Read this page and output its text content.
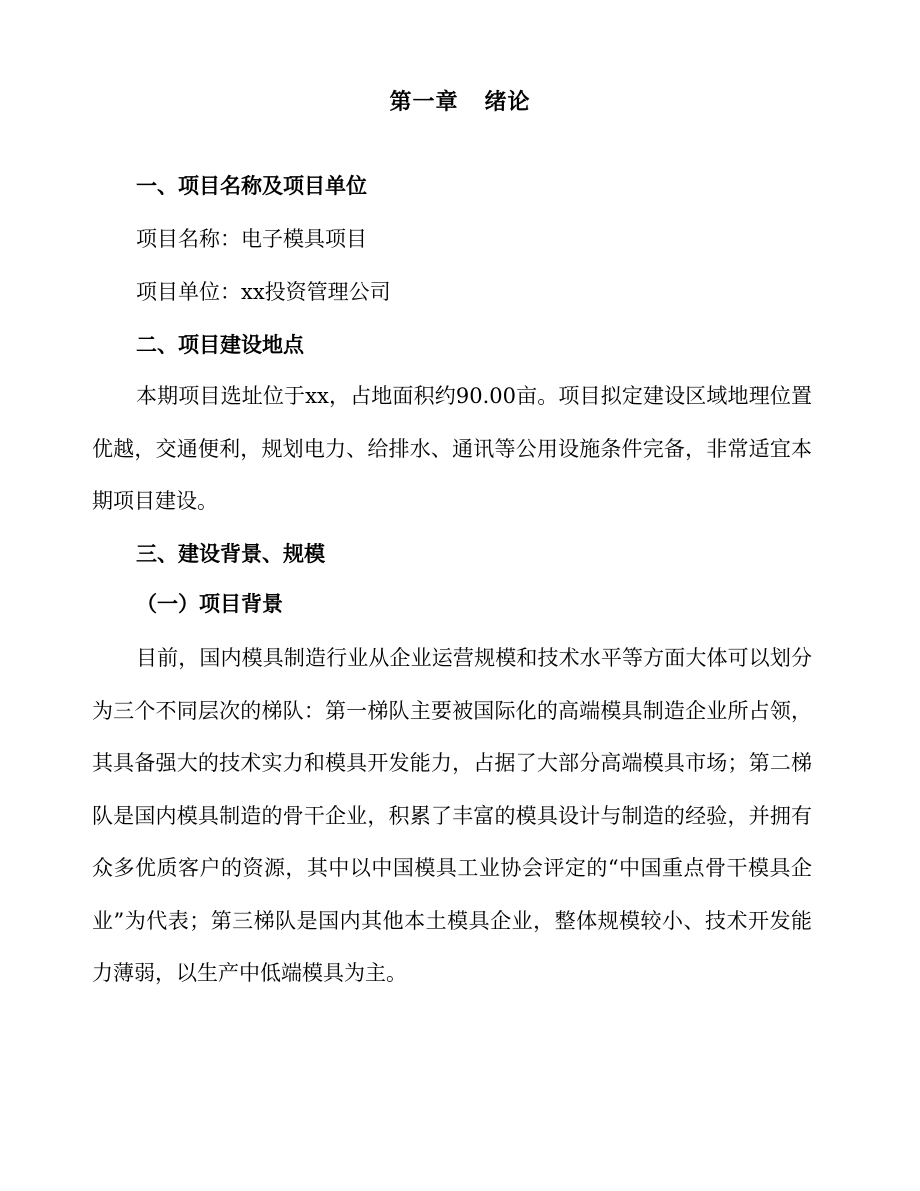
第一章 绪论
一、项目名称及项目单位
项目名称：电子模具项目
项目单位：xx投资管理公司
二、项目建设地点
本期项目选址位于xx，占地面积约90.00亩。项目拟定建设区域地理位置优越，交通便利，规划电力、给排水、通讯等公用设施条件完备，非常适宜本期项目建设。
三、建设背景、规模
（一）项目背景
目前，国内模具制造行业从企业运营规模和技术水平等方面大体可以划分为三个不同层次的梯队：第一梯队主要被国际化的高端模具制造企业所占领，其具备强大的技术实力和模具开发能力，占据了大部分高端模具市场；第二梯队是国内模具制造的骨干企业，积累了丰富的模具设计与制造的经验，并拥有众多优质客户的资源，其中以中国模具工业协会评定的“中国重点骨干模具企业”为代表；第三梯队是国内其他本土模具企业，整体规模较小、技术开发能力薄弱，以生产中低端模具为主。
